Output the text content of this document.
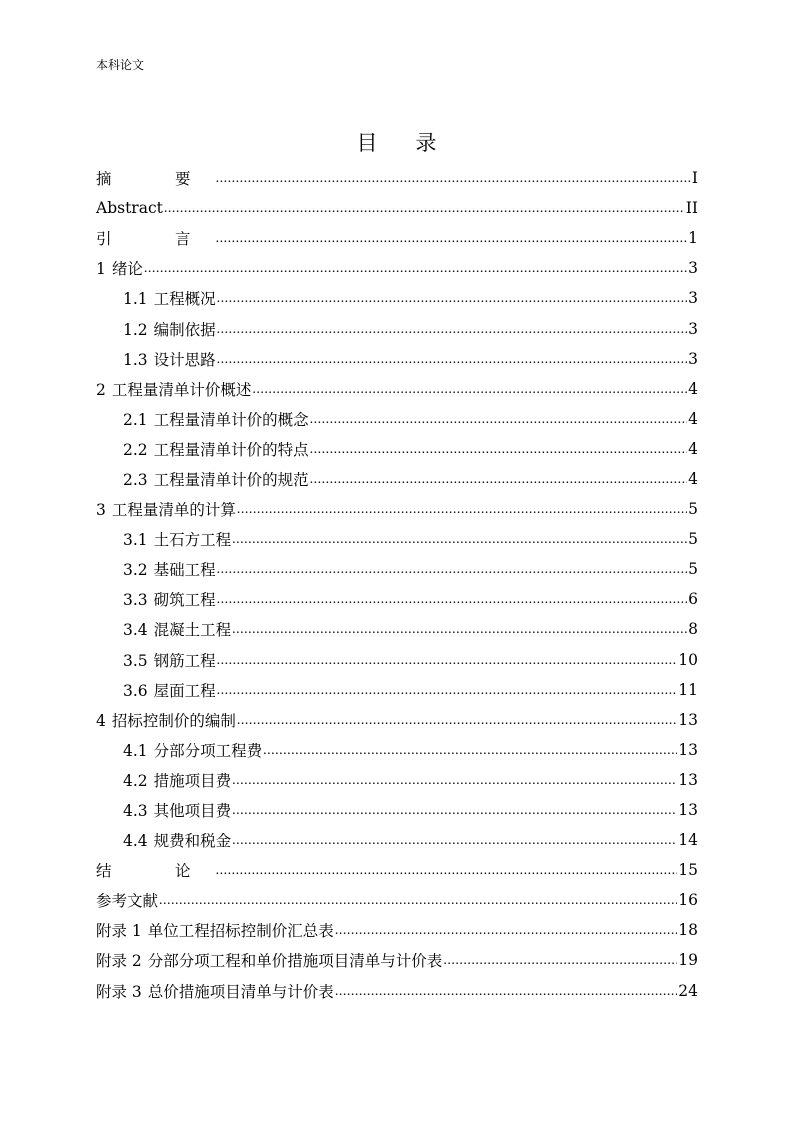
本科论文
目 录
摘　要 .....	I
Abstract .....	II
引　言 .....	1
1 绪论 .....	3
1.1 工程概况 .....	3
1.2 编制依据 .....	3
1.3 设计思路 .....	3
2 工程量清单计价概述 .....	4
2.1 工程量清单计价的概念 .....	4
2.2 工程量清单计价的特点 .....	4
2.3 工程量清单计价的规范 .....	4
3 工程量清单的计算 .....	5
3.1 土石方工程 .....	5
3.2 基础工程 .....	5
3.3 砌筑工程 .....	6
3.4 混凝土工程 .....	8
3.5 钢筋工程 .....	10
3.6 屋面工程 .....	11
4 招标控制价的编制 .....	13
4.1 分部分项工程费 .....	13
4.2 措施项目费 .....	13
4.3 其他项目费 .....	13
4.4 规费和税金 .....	14
结　论 .....	15
参考文献 .....	16
附录 1 单位工程招标控制价汇总表 .....	18
附录 2 分部分项工程和单价措施项目清单与计价表 .....	19
附录 3 总价措施项目清单与计价表 .....	24
